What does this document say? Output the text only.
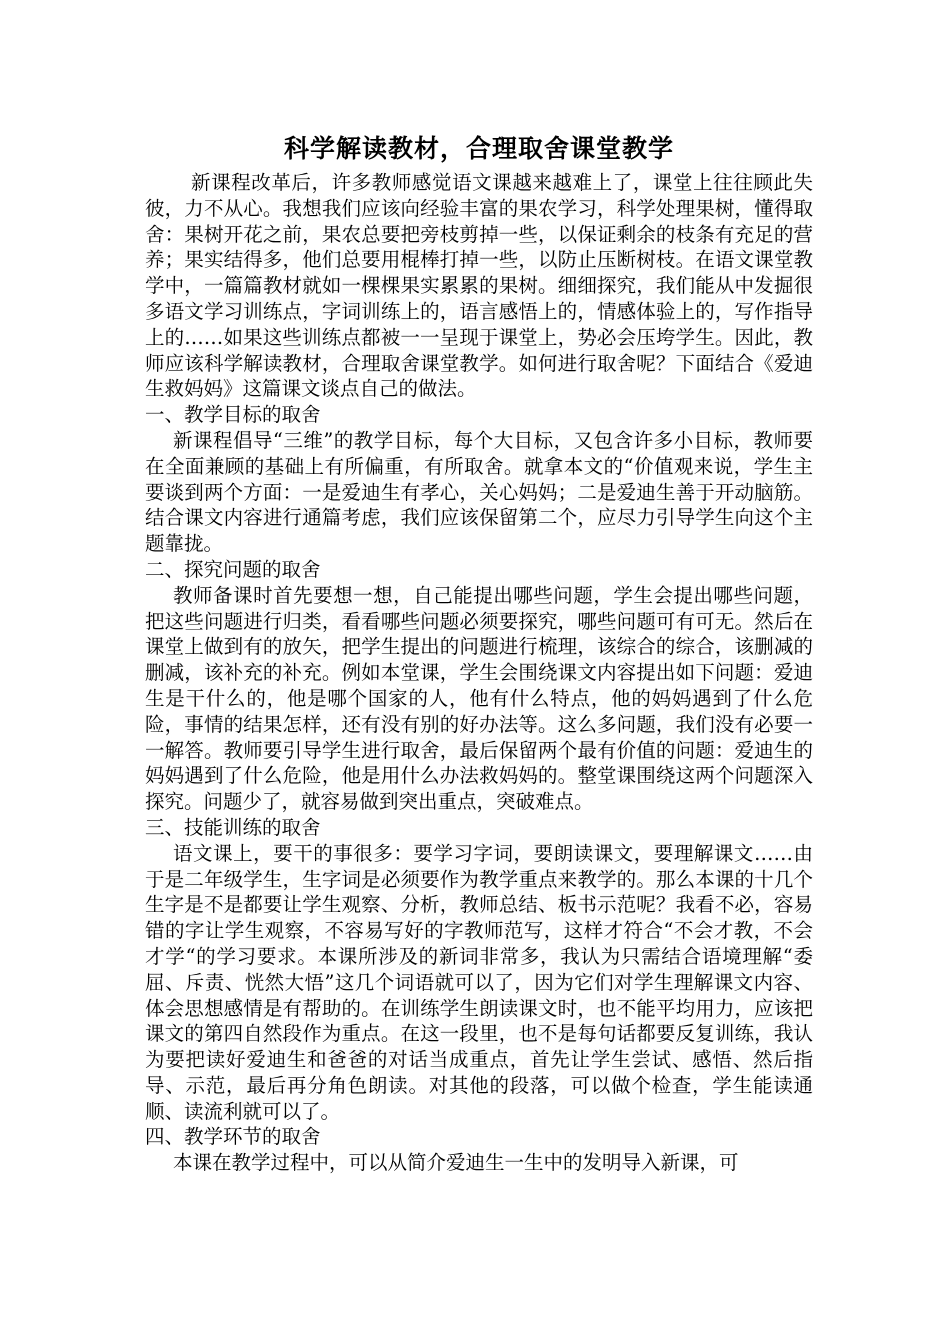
科学解读教材，合理取舍课堂教学

新课程改革后，许多教师感觉语文课越来越难上了，课堂上往往顾此失彼，力不从心。我想我们应该向经验丰富的果农学习，科学处理果树，懂得取舍：果树开花之前，果农总要把旁枝剪掉一些，以保证剩余的枝条有充足的营养；果实结得多，他们总要用棍棒打掉一些，以防止压断树枝。在语文课堂教学中，一篇篇教材就如一棵棵果实累累的果树。细细探究，我们能从中发掘很多语文学习训练点，字词训练上的，语言感悟上的，情感体验上的，写作指导上的……如果这些训练点都被一一呈现于课堂上，势必会压垮学生。因此，教师应该科学解读教材，合理取舍课堂教学。如何进行取舍呢？下面结合《爱迪生救妈妈》这篇课文谈点自己的做法。

一、教学目标的取舍

新课程倡导“三维”的教学目标，每个大目标，又包含许多小目标，教师要在全面兼顾的基础上有所偏重，有所取舍。就拿本文的“价值观来说，学生主要谈到两个方面：一是爱迪生有孝心，关心妈妈；二是爱迪生善于开动脑筋。结合课文内容进行通篇考虑，我们应该保留第二个，应尽力引导学生向这个主题靠拢。

二、探究问题的取舍

教师备课时首先要想一想，自己能提出哪些问题，学生会提出哪些问题，把这些问题进行归类，看看哪些问题必须要探究，哪些问题可有可无。然后在课堂上做到有的放矢，把学生提出的问题进行梳理，该综合的综合，该删减的删减，该补充的补充。例如本堂课，学生会围绕课文内容提出如下问题：爱迪生是干什么的，他是哪个国家的人，他有什么特点，他的妈妈遇到了什么危险，事情的结果怎样，还有没有别的好办法等。这么多问题，我们没有必要一一解答。教师要引导学生进行取舍，最后保留两个最有价值的问题：爱迪生的妈妈遇到了什么危险，他是用什么办法救妈妈的。整堂课围绕这两个问题深入探究。问题少了，就容易做到突出重点，突破难点。

三、技能训练的取舍

语文课上，要干的事很多：要学习字词，要朗读课文，要理解课文……由于是二年级学生，生字词是必须要作为教学重点来教学的。那么本课的十几个生字是不是都要让学生观察、分析，教师总结、板书示范呢？我看不必，容易错的字让学生观察，不容易写好的字教师范写，这样才符合“不会才教，不会才学“的学习要求。本课所涉及的新词非常多，我认为只需结合语境理解“委屈、斥责、恍然大悟”这几个词语就可以了，因为它们对学生理解课文内容、体会思想感情是有帮助的。在训练学生朗读课文时，也不能平均用力，应该把课文的第四自然段作为重点。在这一段里，也不是每句话都要反复训练，我认为要把读好爱迪生和爸爸的对话当成重点，首先让学生尝试、感悟、然后指导、示范，最后再分角色朗读。对其他的段落，可以做个检查，学生能读通顺、读流利就可以了。

四、教学环节的取舍

本课在教学过程中，可以从简介爱迪生一生中的发明导入新课，可
